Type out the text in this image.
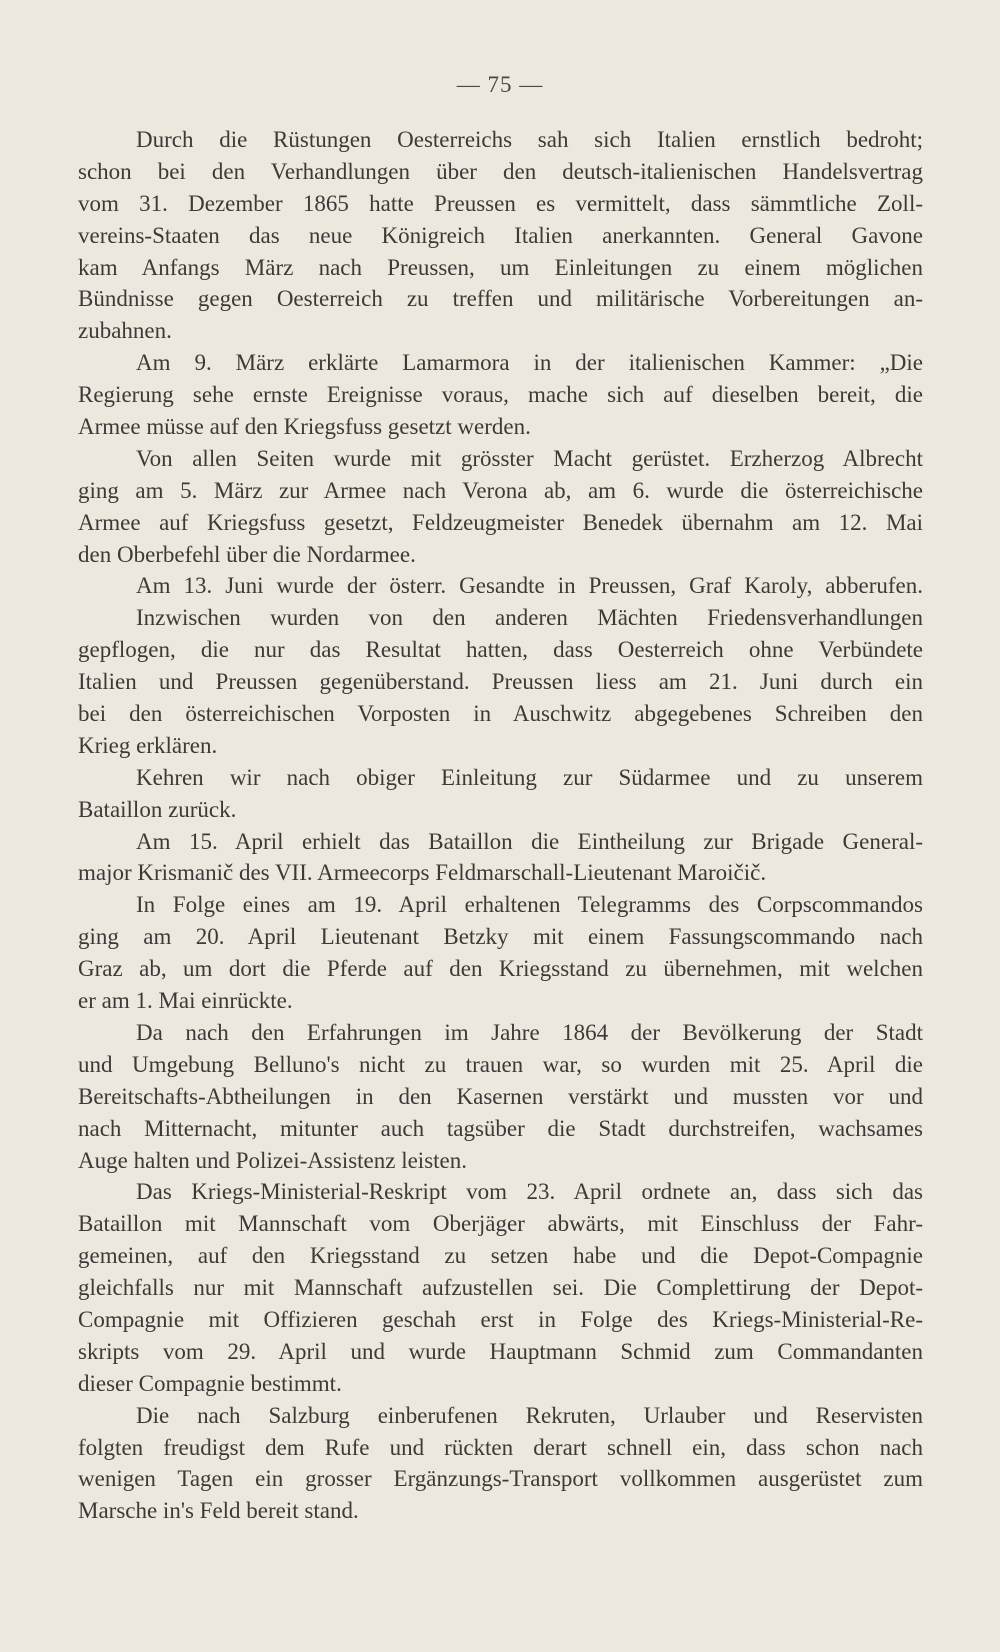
— 75 —
Durch die Rüstungen Oesterreichs sah sich Italien ernstlich bedroht;
schon bei den Verhandlungen über den deutsch-italienischen Handelsvertrag
vom 31. Dezember 1865 hatte Preussen es vermittelt, dass sämmtliche Zoll-
vereins-Staaten das neue Königreich Italien anerkannten. General Gavone
kam Anfangs März nach Preussen, um Einleitungen zu einem möglichen
Bündnisse gegen Oesterreich zu treffen und militärische Vorbereitungen an-
zubahnen.
Am 9. März erklärte Lamarmora in der italienischen Kammer: „Die
Regierung sehe ernste Ereignisse voraus, mache sich auf dieselben bereit, die
Armee müsse auf den Kriegsfuss gesetzt werden.
Von allen Seiten wurde mit grösster Macht gerüstet. Erzherzog Albrecht
ging am 5. März zur Armee nach Verona ab, am 6. wurde die österreichische
Armee auf Kriegsfuss gesetzt, Feldzeugmeister Benedek übernahm am 12. Mai
den Oberbefehl über die Nordarmee.
Am 13. Juni wurde der österr. Gesandte in Preussen, Graf Karoly, abberufen.
Inzwischen wurden von den anderen Mächten Friedensverhandlungen
gepflogen, die nur das Resultat hatten, dass Oesterreich ohne Verbündete
Italien und Preussen gegenüberstand. Preussen liess am 21. Juni durch ein
bei den österreichischen Vorposten in Auschwitz abgegebenes Schreiben den
Krieg erklären.
Kehren wir nach obiger Einleitung zur Südarmee und zu unserem
Bataillon zurück.
Am 15. April erhielt das Bataillon die Eintheilung zur Brigade General-
major Krismanič des VII. Armeecorps Feldmarschall-Lieutenant Maroičič.
In Folge eines am 19. April erhaltenen Telegramms des Corpscommandos
ging am 20. April Lieutenant Betzky mit einem Fassungscommando nach
Graz ab, um dort die Pferde auf den Kriegsstand zu übernehmen, mit welchen
er am 1. Mai einrückte.
Da nach den Erfahrungen im Jahre 1864 der Bevölkerung der Stadt
und Umgebung Belluno's nicht zu trauen war, so wurden mit 25. April die
Bereitschafts-Abtheilungen in den Kasernen verstärkt und mussten vor und
nach Mitternacht, mitunter auch tagsüber die Stadt durchstreifen, wachsames
Auge halten und Polizei-Assistenz leisten.
Das Kriegs-Ministerial-Reskript vom 23. April ordnete an, dass sich das
Bataillon mit Mannschaft vom Oberjäger abwärts, mit Einschluss der Fahr-
gemeinen, auf den Kriegsstand zu setzen habe und die Depot-Compagnie
gleichfalls nur mit Mannschaft aufzustellen sei. Die Complettirung der Depot-
Compagnie mit Offizieren geschah erst in Folge des Kriegs-Ministerial-Re-
skripts vom 29. April und wurde Hauptmann Schmid zum Commandanten
dieser Compagnie bestimmt.
Die nach Salzburg einberufenen Rekruten, Urlauber und Reservisten
folgten freudigst dem Rufe und rückten derart schnell ein, dass schon nach
wenigen Tagen ein grosser Ergänzungs-Transport vollkommen ausgerüstet zum
Marsche in's Feld bereit stand.
